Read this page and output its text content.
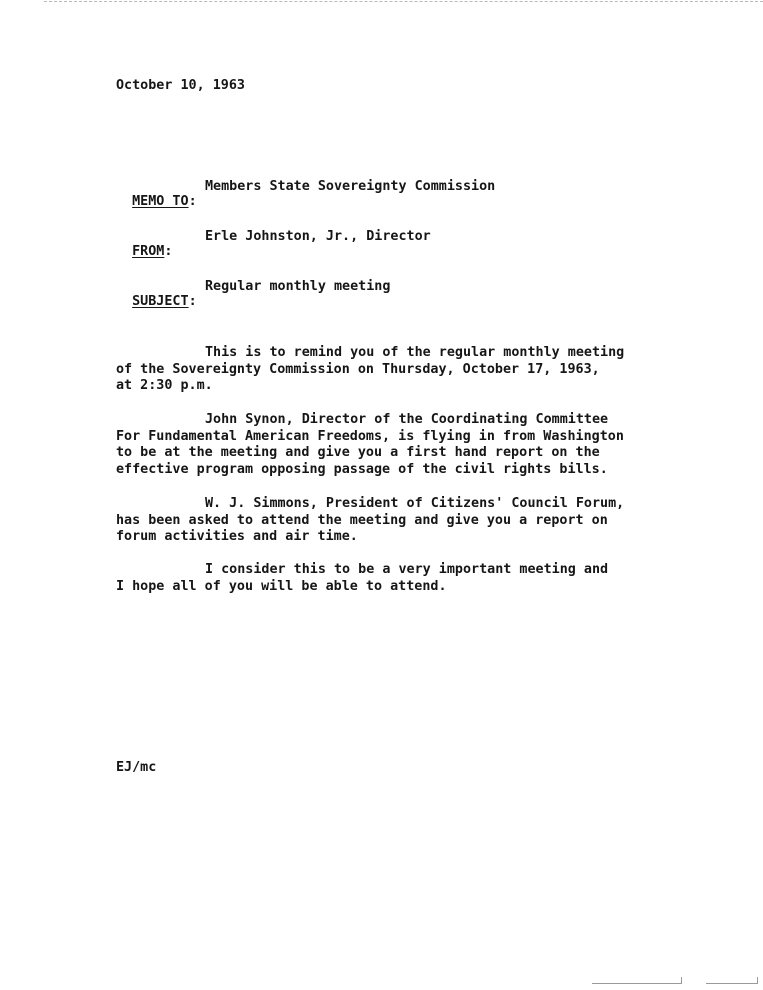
October 10, 1963

MEMO TO:

Members State Sovereignty Commission

FROM:

Erle Johnston, Jr., Director

SUBJECT:

Regular monthly meeting

This is to remind you of the regular monthly meeting
of the Sovereignty Commission on Thursday, October 17, 1963,
at 2:30 p.m.
John Synon, Director of the Coordinating Committee
For Fundamental American Freedoms, is flying in from Washington
to be at the meeting and give you a first hand report on the
effective program opposing passage of the civil rights bills.
W. J. Simmons, President of Citizens' Council Forum,
has been asked to attend the meeting and give you a report on
forum activities and air time.
I consider this to be a very important meeting and
I hope all of you will be able to attend.
EJ/mc
